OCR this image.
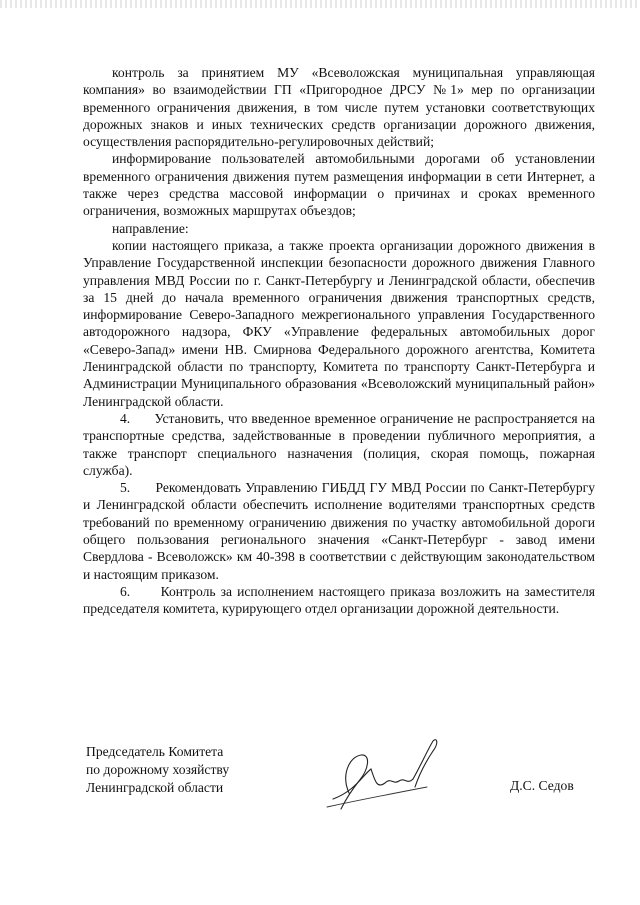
контроль за принятием МУ «Всеволожская муниципальная управляющая компания» во взаимодействии ГП «Пригородное ДРСУ №1» мер по организации временного ограничения движения, в том числе путем установки соответствующих дорожных знаков и иных технических средств организации дорожного движения, осуществления распорядительно-регулировочных действий;

информирование пользователей автомобильными дорогами об установлении временного ограничения движения путем размещения информации в сети Интернет, а также через средства массовой информации о причинах и сроках временного ограничения, возможных маршрутах объездов;

направление:

копии настоящего приказа, а также проекта организации дорожного движения в Управление Государственной инспекции безопасности дорожного движения Главного управления МВД России по г. Санкт-Петербургу и Ленинградской области, обеспечив за 15 дней до начала временного ограничения движения транспортных средств, информирование Северо-Западного межрегионального управления Государственного автодорожного надзора, ФКУ «Управление федеральных автомобильных дорог «Северо-Запад» имени НВ. Смирнова Федерального дорожного агентства, Комитета Ленинградской области по транспорту, Комитета по транспорту Санкт-Петербурга и Администрации Муниципального образования «Всеволожский муниципальный район» Ленинградской области.

4.      Установить, что введенное временное ограничение не распространяется на транспортные средства, задействованные в проведении публичного мероприятия, а также транспорт специального назначения (полиция, скорая помощь, пожарная служба).

5.      Рекомендовать Управлению ГИБДД ГУ МВД России по Санкт-Петербургу и Ленинградской области обеспечить исполнение водителями транспортных средств требований по временному ограничению движения по участку автомобильной дороги общего пользования регионального значения «Санкт-Петербург - завод имени Свердлова - Всеволожск» км 40-398 в соответствии с действующим законодательством и настоящим приказом.

6.      Контроль за исполнением настоящего приказа возложить на заместителя председателя комитета, курирующего отдел организации дорожной деятельности.

Председатель Комитета
по дорожному хозяйству
Ленинградской области	Д.С. Седов
